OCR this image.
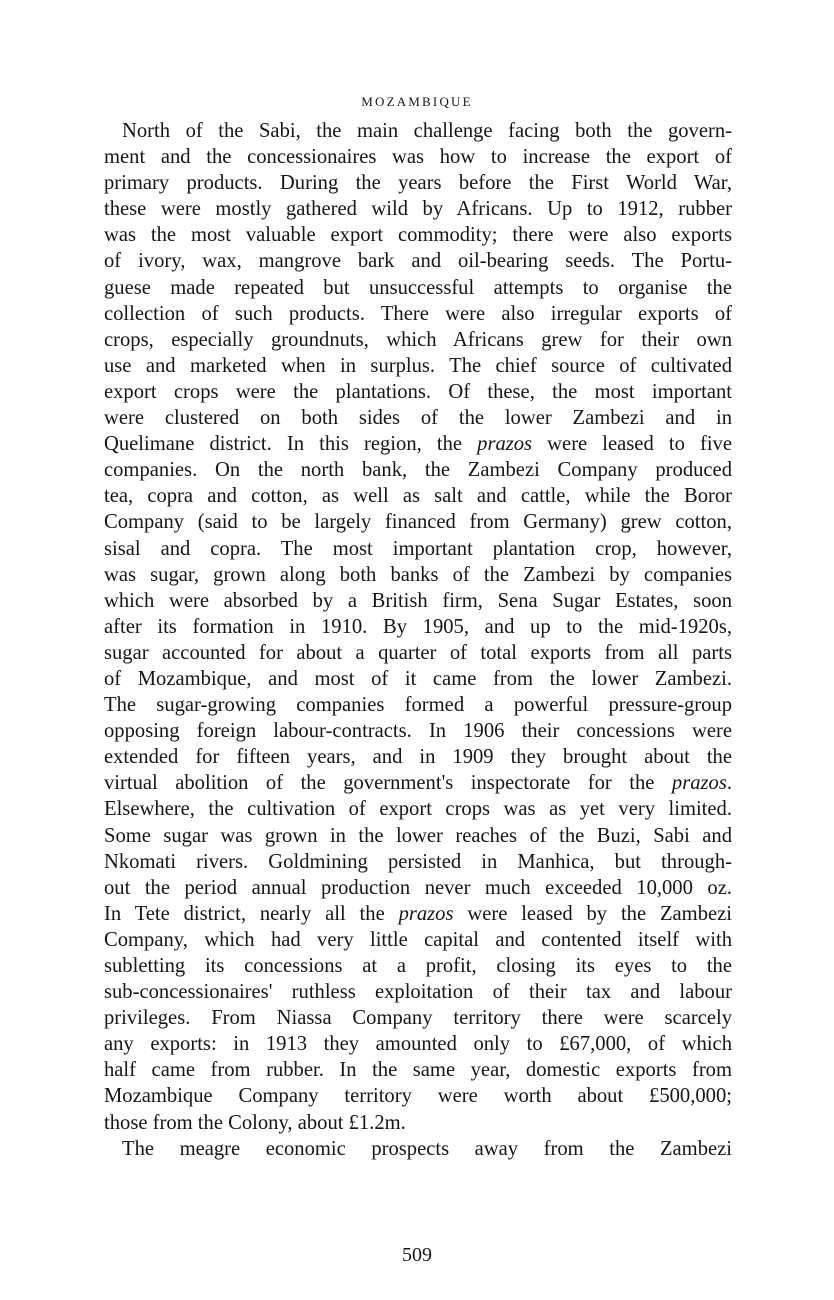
MOZAMBIQUE
North of the Sabi, the main challenge facing both the govern-
ment and the concessionaires was how to increase the export of
primary products. During the years before the First World War,
these were mostly gathered wild by Africans. Up to 1912, rubber
was the most valuable export commodity; there were also exports
of ivory, wax, mangrove bark and oil-bearing seeds. The Portu-
guese made repeated but unsuccessful attempts to organise the
collection of such products. There were also irregular exports of
crops, especially groundnuts, which Africans grew for their own
use and marketed when in surplus. The chief source of cultivated
export crops were the plantations. Of these, the most important
were clustered on both sides of the lower Zambezi and in
Quelimane district. In this region, the prazos were leased to five
companies. On the north bank, the Zambezi Company produced
tea, copra and cotton, as well as salt and cattle, while the Boror
Company (said to be largely financed from Germany) grew cotton,
sisal and copra. The most important plantation crop, however,
was sugar, grown along both banks of the Zambezi by companies
which were absorbed by a British firm, Sena Sugar Estates, soon
after its formation in 1910. By 1905, and up to the mid-1920s,
sugar accounted for about a quarter of total exports from all parts
of Mozambique, and most of it came from the lower Zambezi.
The sugar-growing companies formed a powerful pressure-group
opposing foreign labour-contracts. In 1906 their concessions were
extended for fifteen years, and in 1909 they brought about the
virtual abolition of the government's inspectorate for the prazos.
Elsewhere, the cultivation of export crops was as yet very limited.
Some sugar was grown in the lower reaches of the Buzi, Sabi and
Nkomati rivers. Goldmining persisted in Manhica, but through-
out the period annual production never much exceeded 10,000 oz.
In Tete district, nearly all the prazos were leased by the Zambezi
Company, which had very little capital and contented itself with
subletting its concessions at a profit, closing its eyes to the
sub-concessionaires' ruthless exploitation of their tax and labour
privileges. From Niassa Company territory there were scarcely
any exports: in 1913 they amounted only to £67,000, of which
half came from rubber. In the same year, domestic exports from
Mozambique Company territory were worth about £500,000;
those from the Colony, about £1.2m.
The meagre economic prospects away from the Zambezi
509
